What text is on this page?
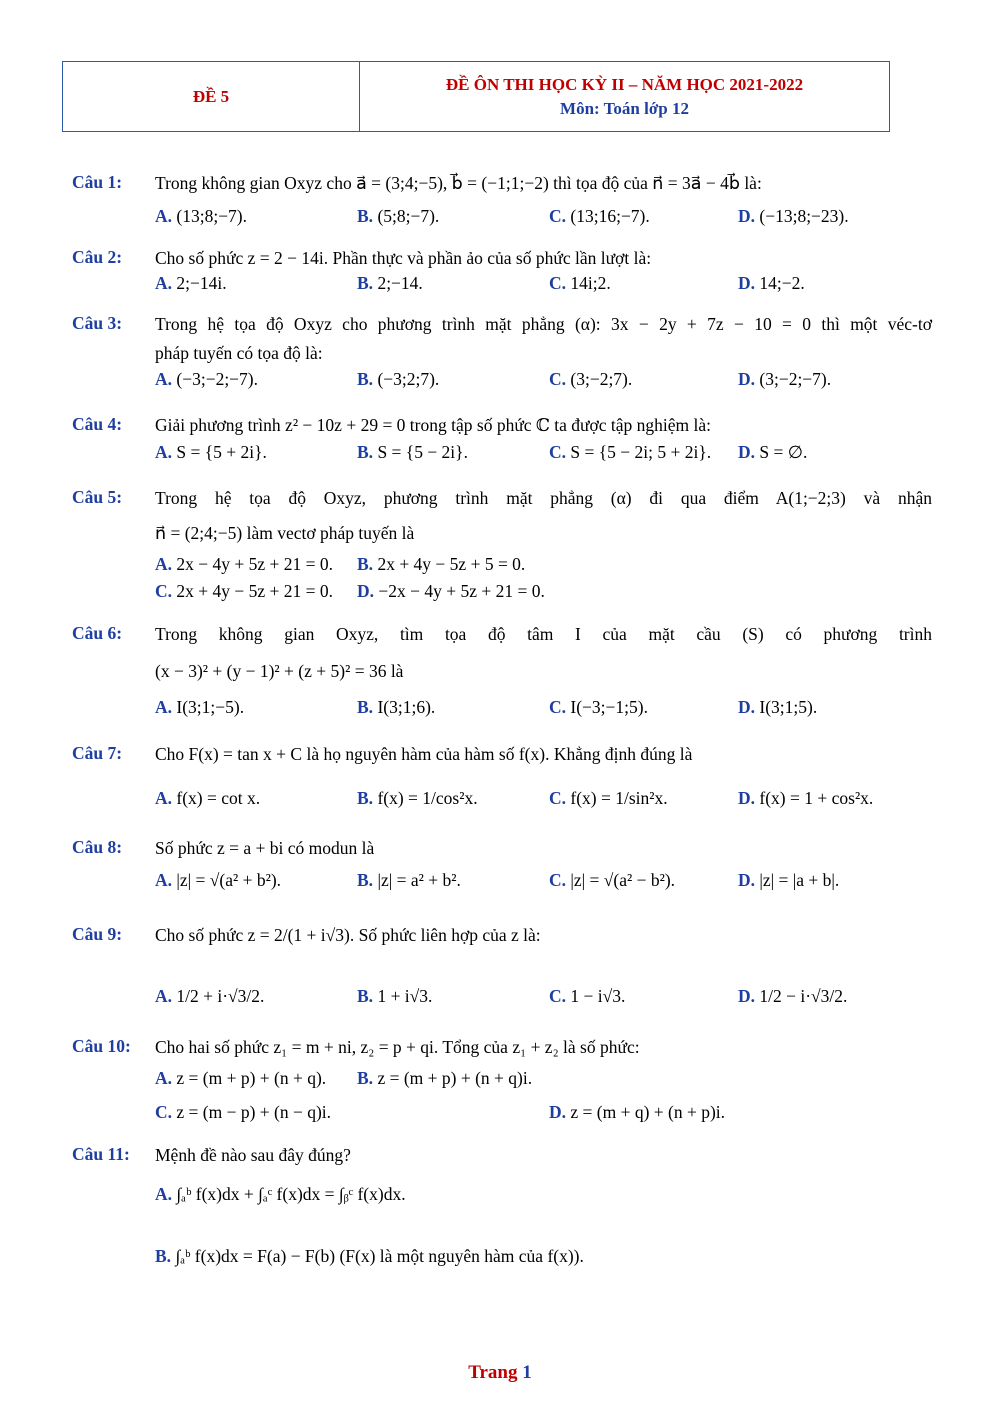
ĐỀ 5
ĐỀ ÔN THI HỌC KỲ II – NĂM HỌC 2021-2022
Môn: Toán lớp 12
Câu 1: Trong không gian Oxyz cho a⃗ = (3;4;−5), b⃗ = (−1;1;−2) thì tọa độ của n⃗ = 3a⃗ − 4b⃗ là:
A. (13;8;−7).	B. (5;8;−7).	C. (13;16;−7).	D. (−13;8;−23).
Câu 2: Cho số phức z = 2 − 14i. Phần thực và phần ảo của số phức lần lượt là:
A. 2;−14i.	B. 2;−14.	C. 14i;2.	D. 14;−2.
Câu 3: Trong hệ tọa độ Oxyz cho phương trình mặt phẳng (α): 3x − 2y + 7z − 10 = 0 thì một véc-tơ
pháp tuyến có tọa độ là:
A. (−3;−2;−7).	B. (−3;2;7).	C. (3;−2;7).	D. (3;−2;−7).
Câu 4: Giải phương trình z² − 10z + 29 = 0 trong tập số phức ℂ ta được tập nghiệm là:
A. S = {5 + 2i}.	B. S = {5 − 2i}.	C. S = {5 − 2i; 5 + 2i}. D. S = ∅.
Câu 5: Trong hệ tọa độ Oxyz, phương trình mặt phẳng (α) đi qua điểm A(1;−2;3) và nhận
n⃗ = (2;4;−5) làm vectơ pháp tuyến là
A. 2x − 4y + 5z + 21 = 0. B. 2x + 4y − 5z + 5 = 0.
C. 2x + 4y − 5z + 21 = 0. D. −2x − 4y + 5z + 21 = 0.
Câu 6: Trong không gian Oxyz, tìm tọa độ tâm I của mặt cầu (S) có phương trình
(x − 3)² + (y − 1)² + (z + 5)² = 36 là
A. I(3;1;−5).	B. I(3;1;6).	C. I(−3;−1;5).	D. I(3;1;5).
Câu 7: Cho F(x) = tan x + C là họ nguyên hàm của hàm số f(x). Khẳng định đúng là
A. f(x) = cot x.	B. f(x) = 1/cos²x.	C. f(x) = 1/sin²x.	D. f(x) = 1 + cos²x.
Câu 8: Số phức z = a + bi có modun là
A. |z| = √(a² + b²).	B. |z| = a² + b².	C. |z| = √(a² − b²).	D. |z| = |a + b|.
Câu 9: Cho số phức z = 2/(1 + i√3). Số phức liên hợp của z là:
A. 1/2 + i·√3/2.	B. 1 + i√3.	C. 1 − i√3.	D. 1/2 − i·√3/2.
Câu 10: Cho hai số phức z₁ = m + ni, z₂ = p + qi. Tổng của z₁ + z₂ là số phức:
A. z = (m + p) + (n + q). B. z = (m + p) + (n + q)i.
C. z = (m − p) + (n − q)i.	D. z = (m + q) + (n + p)i.
Câu 11: Mệnh đề nào sau đây đúng?
A. ∫ₐᵇ f(x)dx + ∫ₐᶜ f(x)dx = ∫ᵦᶜ f(x)dx.
B. ∫ₐᵇ f(x)dx = F(a) − F(b) (F(x) là một nguyên hàm của f(x)).
Trang 1
